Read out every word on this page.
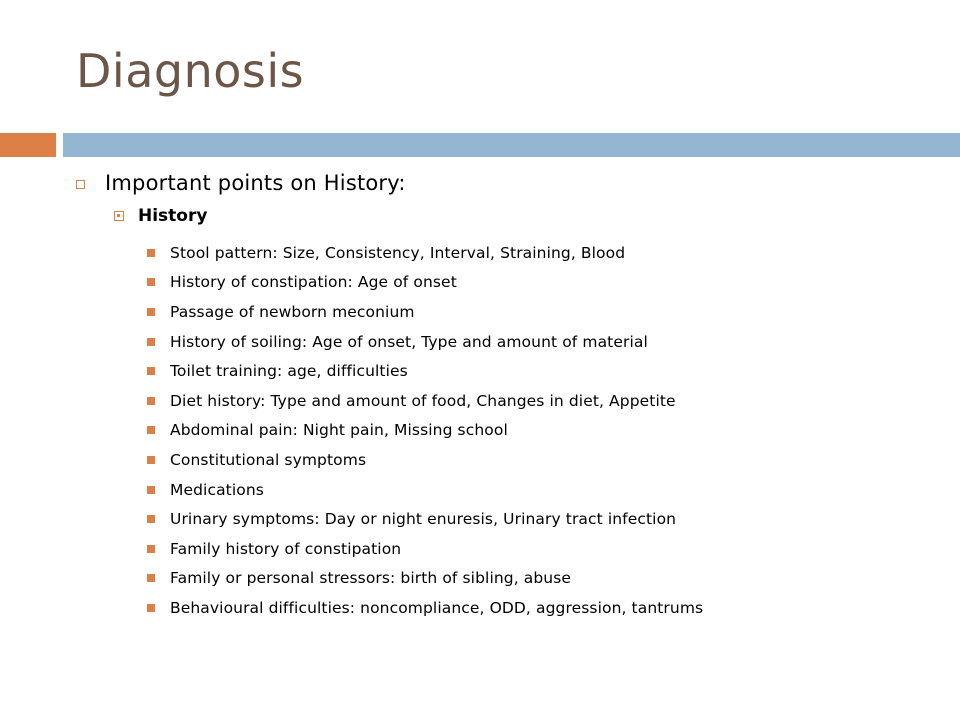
Diagnosis
Important points on History:
History
Stool pattern: Size, Consistency, Interval, Straining, Blood
History of constipation: Age of onset
Passage of newborn meconium
History of soiling: Age of onset, Type and amount of material
Toilet training: age, difficulties
Diet history: Type and amount of food, Changes in diet, Appetite
Abdominal pain: Night pain, Missing school
Constitutional symptoms
Medications
Urinary symptoms: Day or night enuresis, Urinary tract infection
Family history of constipation
Family or personal stressors: birth of sibling, abuse
Behavioural difficulties: noncompliance, ODD, aggression, tantrums
